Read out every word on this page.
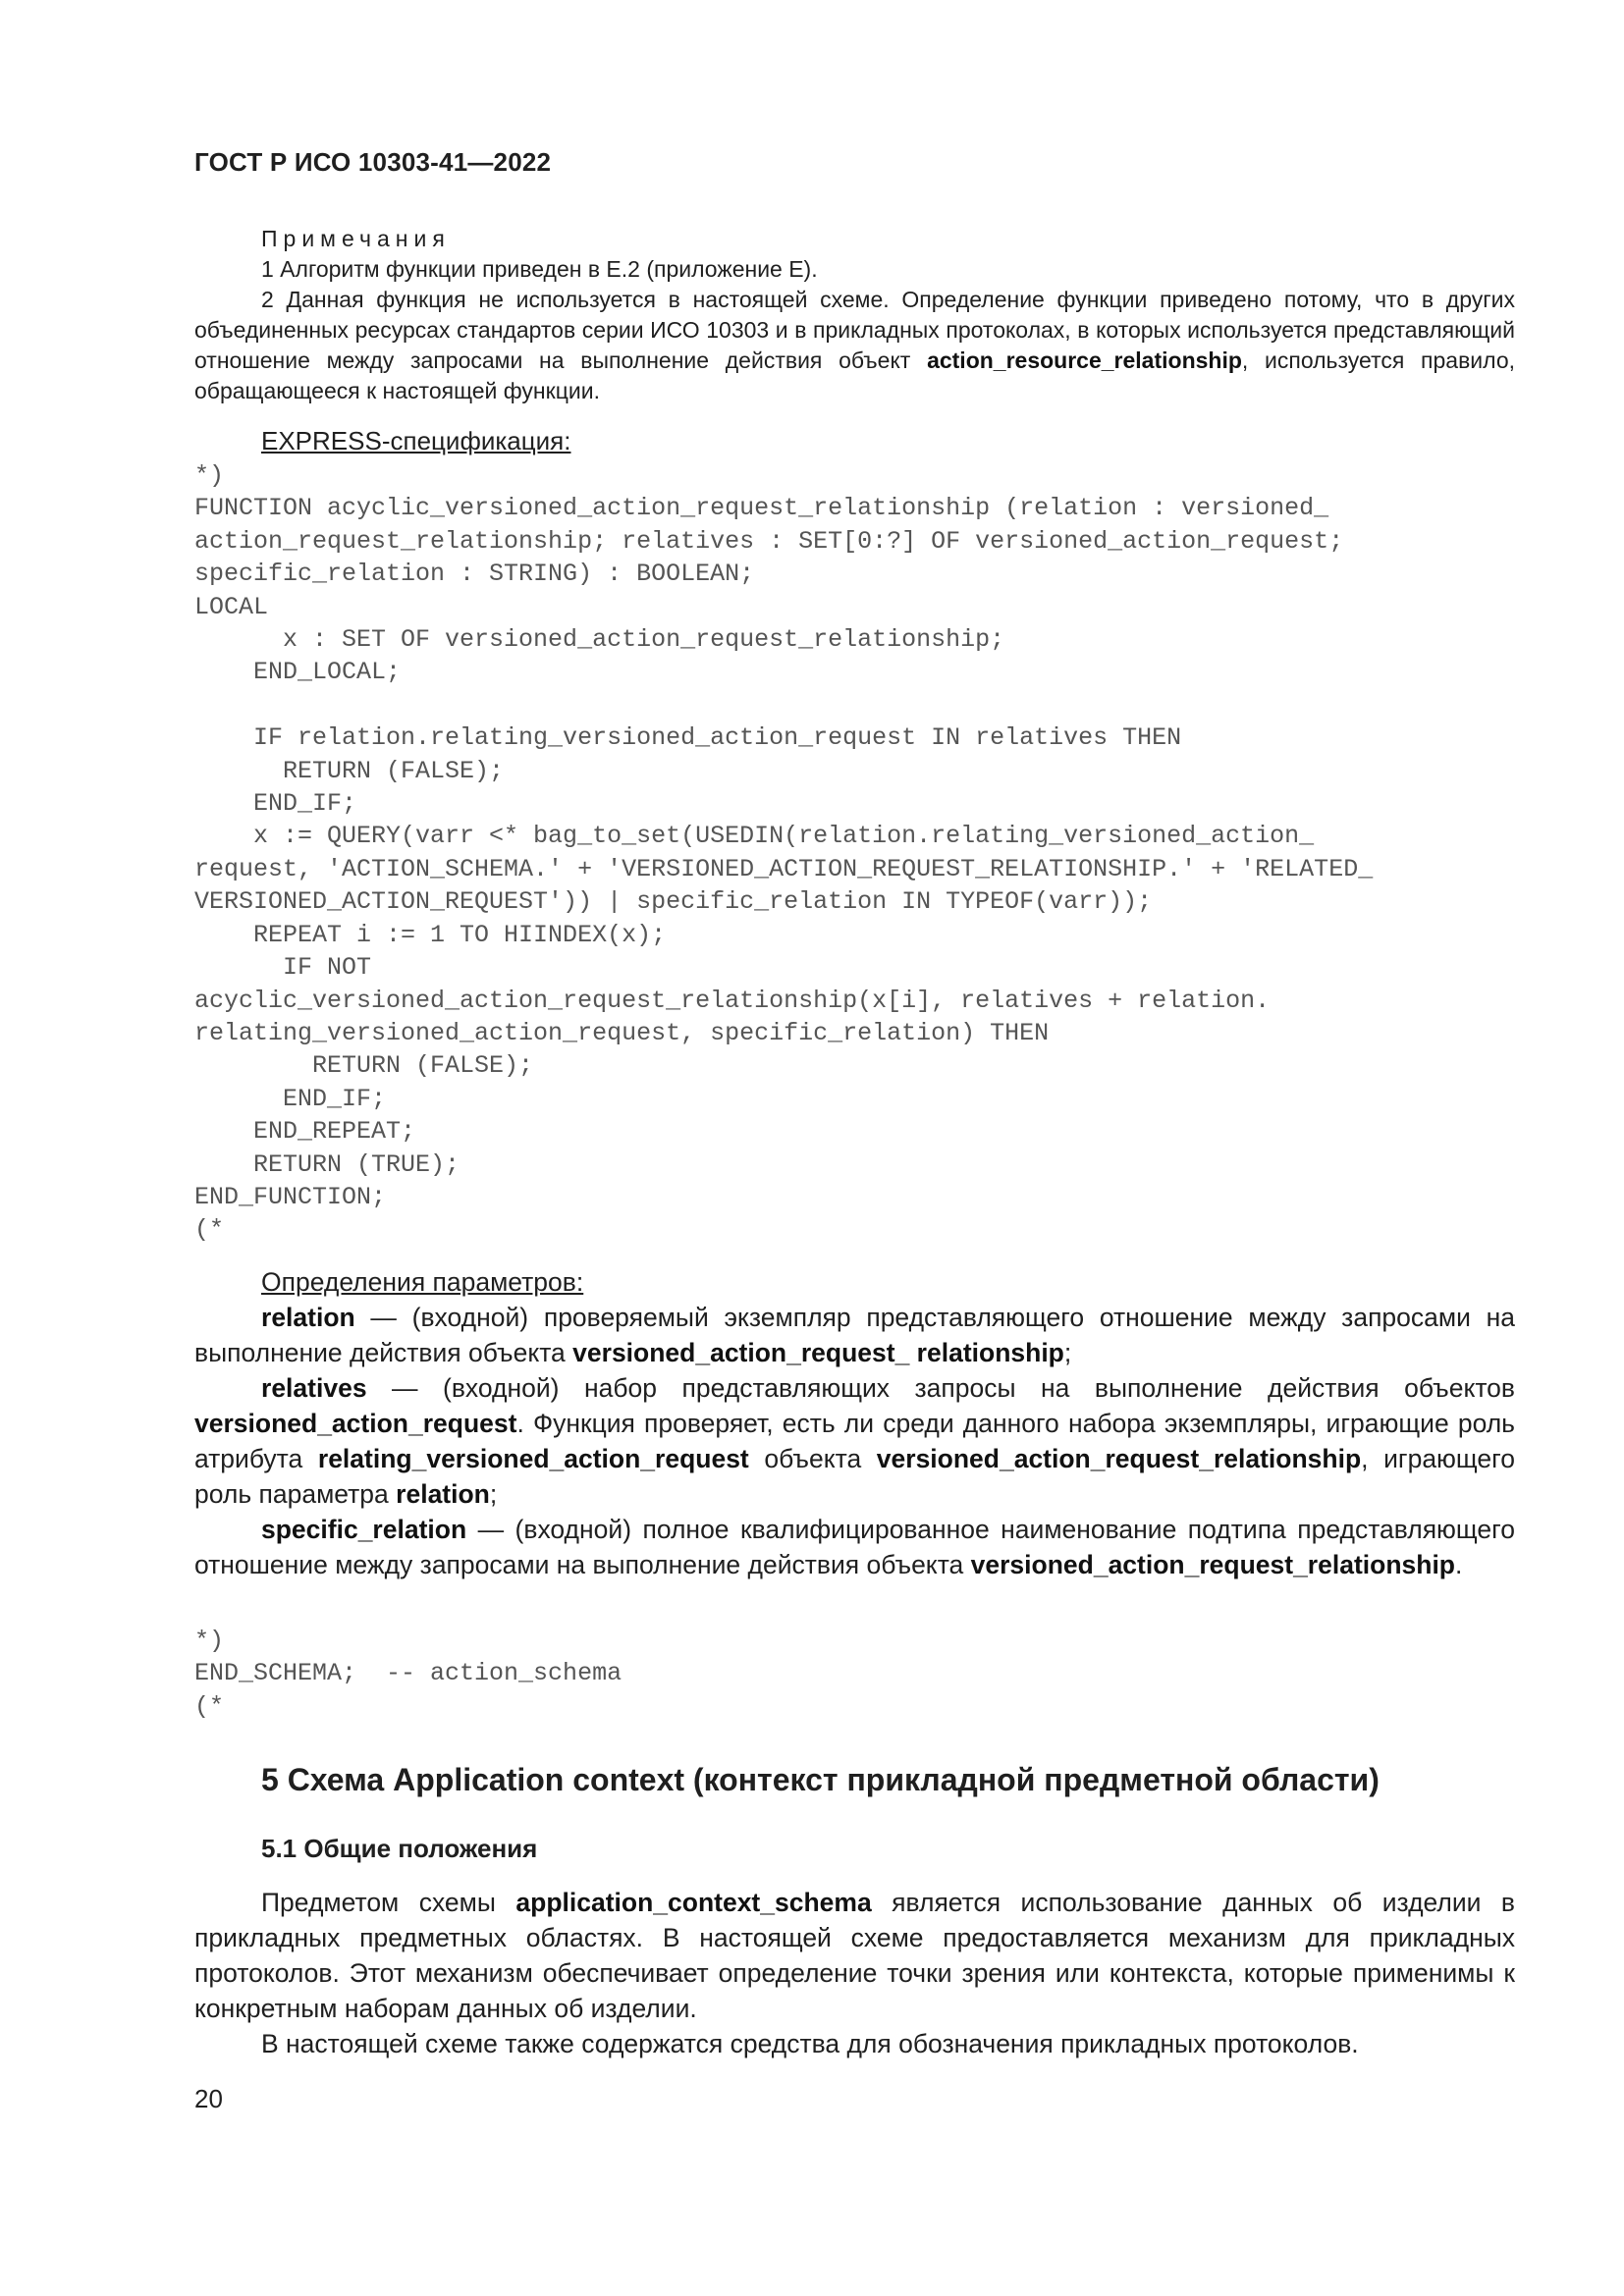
ГОСТ Р ИСО 10303-41—2022
Примечания
1 Алгоритм функции приведен в Е.2 (приложение Е).
2 Данная функция не используется в настоящей схеме. Определение функции приведено потому, что в других объединенных ресурсах стандартов серии ИСО 10303 и в прикладных протоколах, в которых используется представляющий отношение между запросами на выполнение действия объект action_resource_relationship, используется правило, обращающееся к настоящей функции.
EXPRESS-спецификация:
*)
FUNCTION acyclic_versioned_action_request_relationship (relation : versioned_
action_request_relationship; relatives : SET[0:?] OF versioned_action_request;
specific_relation : STRING) : BOOLEAN;
LOCAL
x : SET OF versioned_action_request_relationship;
END_LOCAL;

IF relation.relating_versioned_action_request IN relatives THEN
RETURN (FALSE);
END_IF;
x := QUERY(varr <* bag_to_set(USEDIN(relation.relating_versioned_action_
request, 'ACTION_SCHEMA.' + 'VERSIONED_ACTION_REQUEST_RELATIONSHIP.' + 'RELATED_
VERSIONED_ACTION_REQUEST')) | specific_relation IN TYPEOF(varr));
REPEAT i := 1 TO HIINDEX(x);
IF NOT
acyclic_versioned_action_request_relationship(x[i], relatives + relation.
relating_versioned_action_request, specific_relation) THEN
RETURN (FALSE);
END_IF;
END_REPEAT;
RETURN (TRUE);
END_FUNCTION;
(*

Определения параметров:

relation — (входной) проверяемый экземпляр представляющего отношение между запросами на выполнение действия объекта versioned_action_request_ relationship;

relatives — (входной) набор представляющих запросы на выполнение действия объектов versioned_action_request. Функция проверяет, есть ли среди данного набора экземпляры, играющие роль атрибута relating_versioned_action_request объекта versioned_action_request_relationship, играющего роль параметра relation;

specific_relation — (входной) полное квалифицированное наименование подтипа представляющего отношение между запросами на выполнение действия объекта versioned_action_request_relationship.

*)
END_SCHEMA;  -- action_schema
(*
5 Схема Application context (контекст прикладной предметной области)
5.1 Общие положения

Предметом схемы application_context_schema является использование данных об изделии в прикладных предметных областях. В настоящей схеме предоставляется механизм для прикладных протоколов. Этот механизм обеспечивает определение точки зрения или контекста, которые применимы к конкретным наборам данных об изделии.

В настоящей схеме также содержатся средства для обозначения прикладных протоколов.

20
